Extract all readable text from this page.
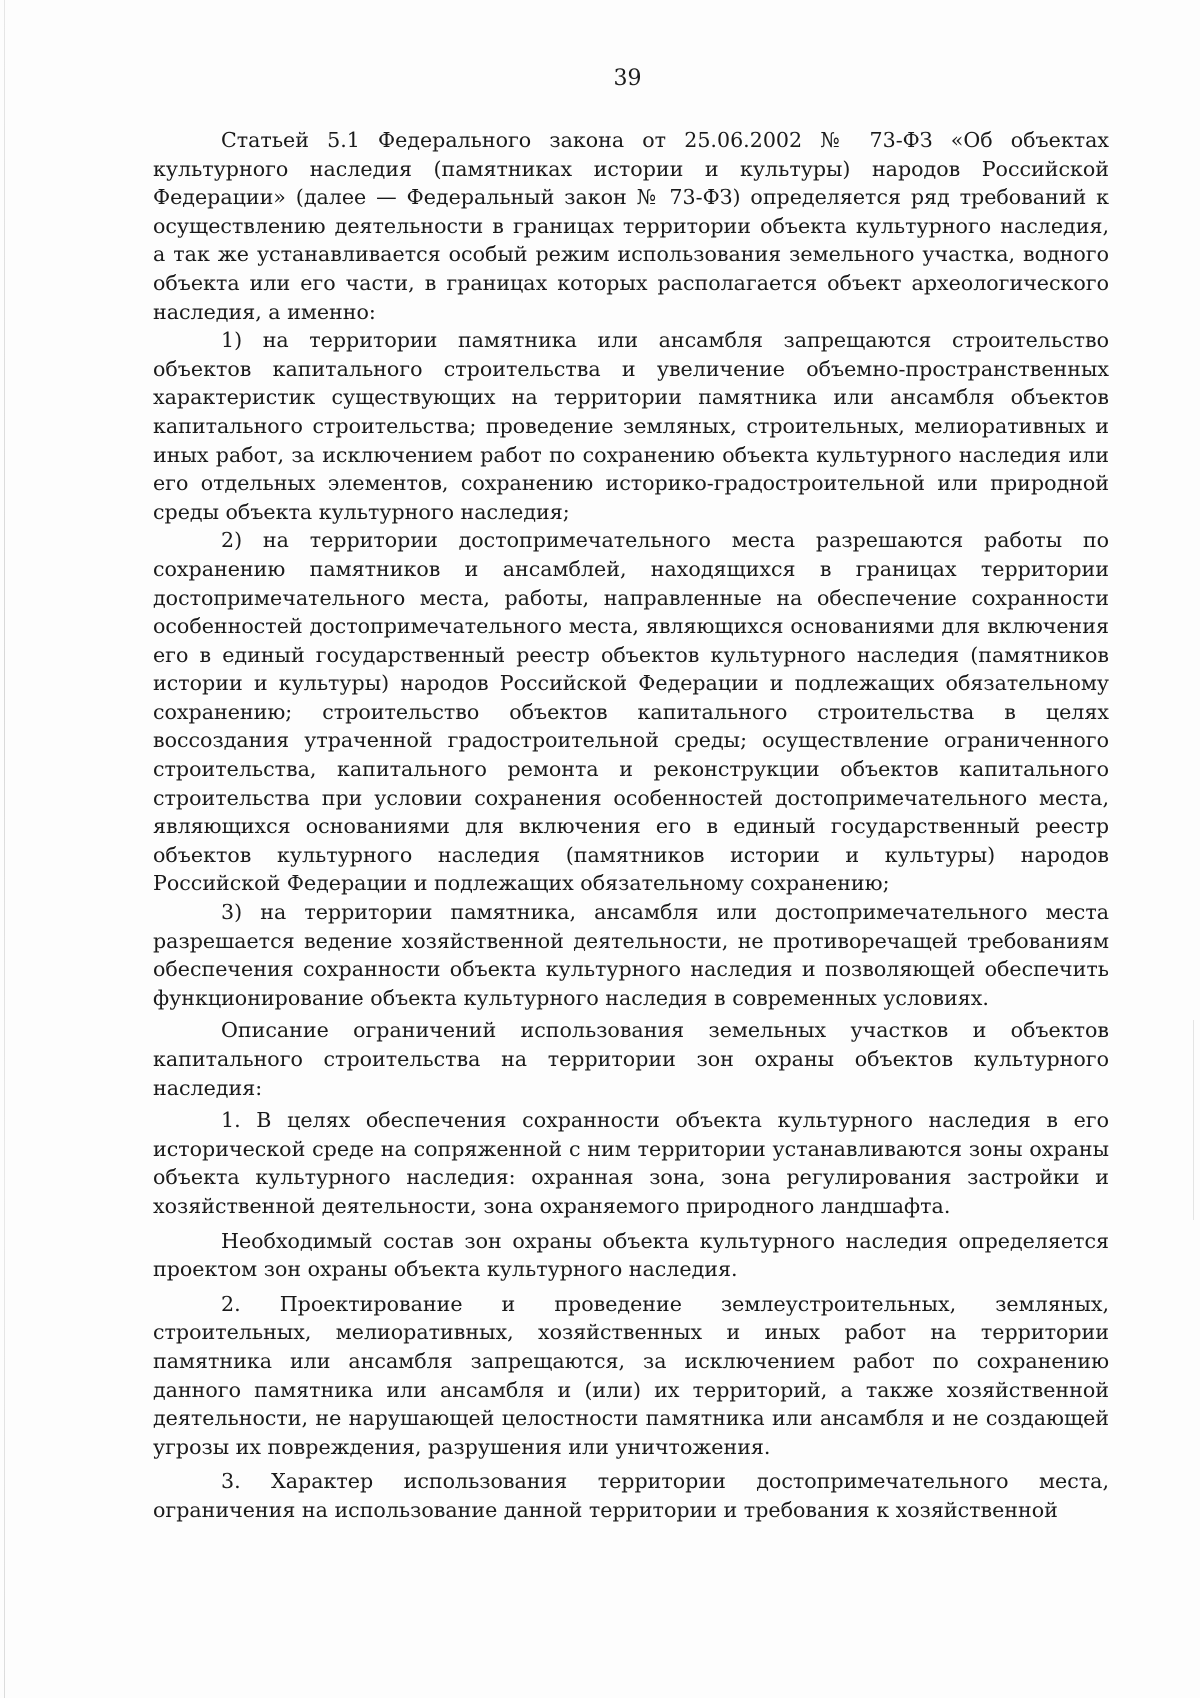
39

Статьей 5.1 Федерального закона от 25.06.2002 № 73-ФЗ «Об объектах культурного наследия (памятниках истории и культуры) народов Российской Федерации» (далее — Федеральный закон № 73-ФЗ) определяется ряд требований к осуществлению деятельности в границах территории объекта культурного наследия, а так же устанавливается особый режим использования земельного участка, водного объекта или его части, в границах которых располагается объект археологического наследия, а именно:

1) на территории памятника или ансамбля запрещаются строительство объектов капитального строительства и увеличение объемно-пространственных характеристик существующих на территории памятника или ансамбля объектов капитального строительства; проведение земляных, строительных, мелиоративных и иных работ, за исключением работ по сохранению объекта культурного наследия или его отдельных элементов, сохранению историко-градостроительной или природной среды объекта культурного наследия;

2) на территории достопримечательного места разрешаются работы по сохранению памятников и ансамблей, находящихся в границах территории достопримечательного места, работы, направленные на обеспечение сохранности особенностей достопримечательного места, являющихся основаниями для включения его в единый государственный реестр объектов культурного наследия (памятников истории и культуры) народов Российской Федерации и подлежащих обязательному сохранению; строительство объектов капитального строительства в целях воссоздания утраченной градостроительной среды; осуществление ограниченного строительства, капитального ремонта и реконструкции объектов капитального строительства при условии сохранения особенностей достопримечательного места, являющихся основаниями для включения его в единый государственный реестр объектов культурного наследия (памятников истории и культуры) народов Российской Федерации и подлежащих обязательному сохранению;

3) на территории памятника, ансамбля или достопримечательного места разрешается ведение хозяйственной деятельности, не противоречащей требованиям обеспечения сохранности объекта культурного наследия и позволяющей обеспечить функционирование объекта культурного наследия в современных условиях.

Описание ограничений использования земельных участков и объектов капитального строительства на территории зон охраны объектов культурного наследия:

1. В целях обеспечения сохранности объекта культурного наследия в его исторической среде на сопряженной с ним территории устанавливаются зоны охраны объекта культурного наследия: охранная зона, зона регулирования застройки и хозяйственной деятельности, зона охраняемого природного ландшафта.

Необходимый состав зон охраны объекта культурного наследия определяется проектом зон охраны объекта культурного наследия.

2. Проектирование и проведение землеустроительных, земляных, строительных, мелиоративных, хозяйственных и иных работ на территории памятника или ансамбля запрещаются, за исключением работ по сохранению данного памятника или ансамбля и (или) их территорий, а также хозяйственной деятельности, не нарушающей целостности памятника или ансамбля и не создающей угрозы их повреждения, разрушения или уничтожения.

3. Характер использования территории достопримечательного места, ограничения на использование данной территории и требования к хозяйственной
